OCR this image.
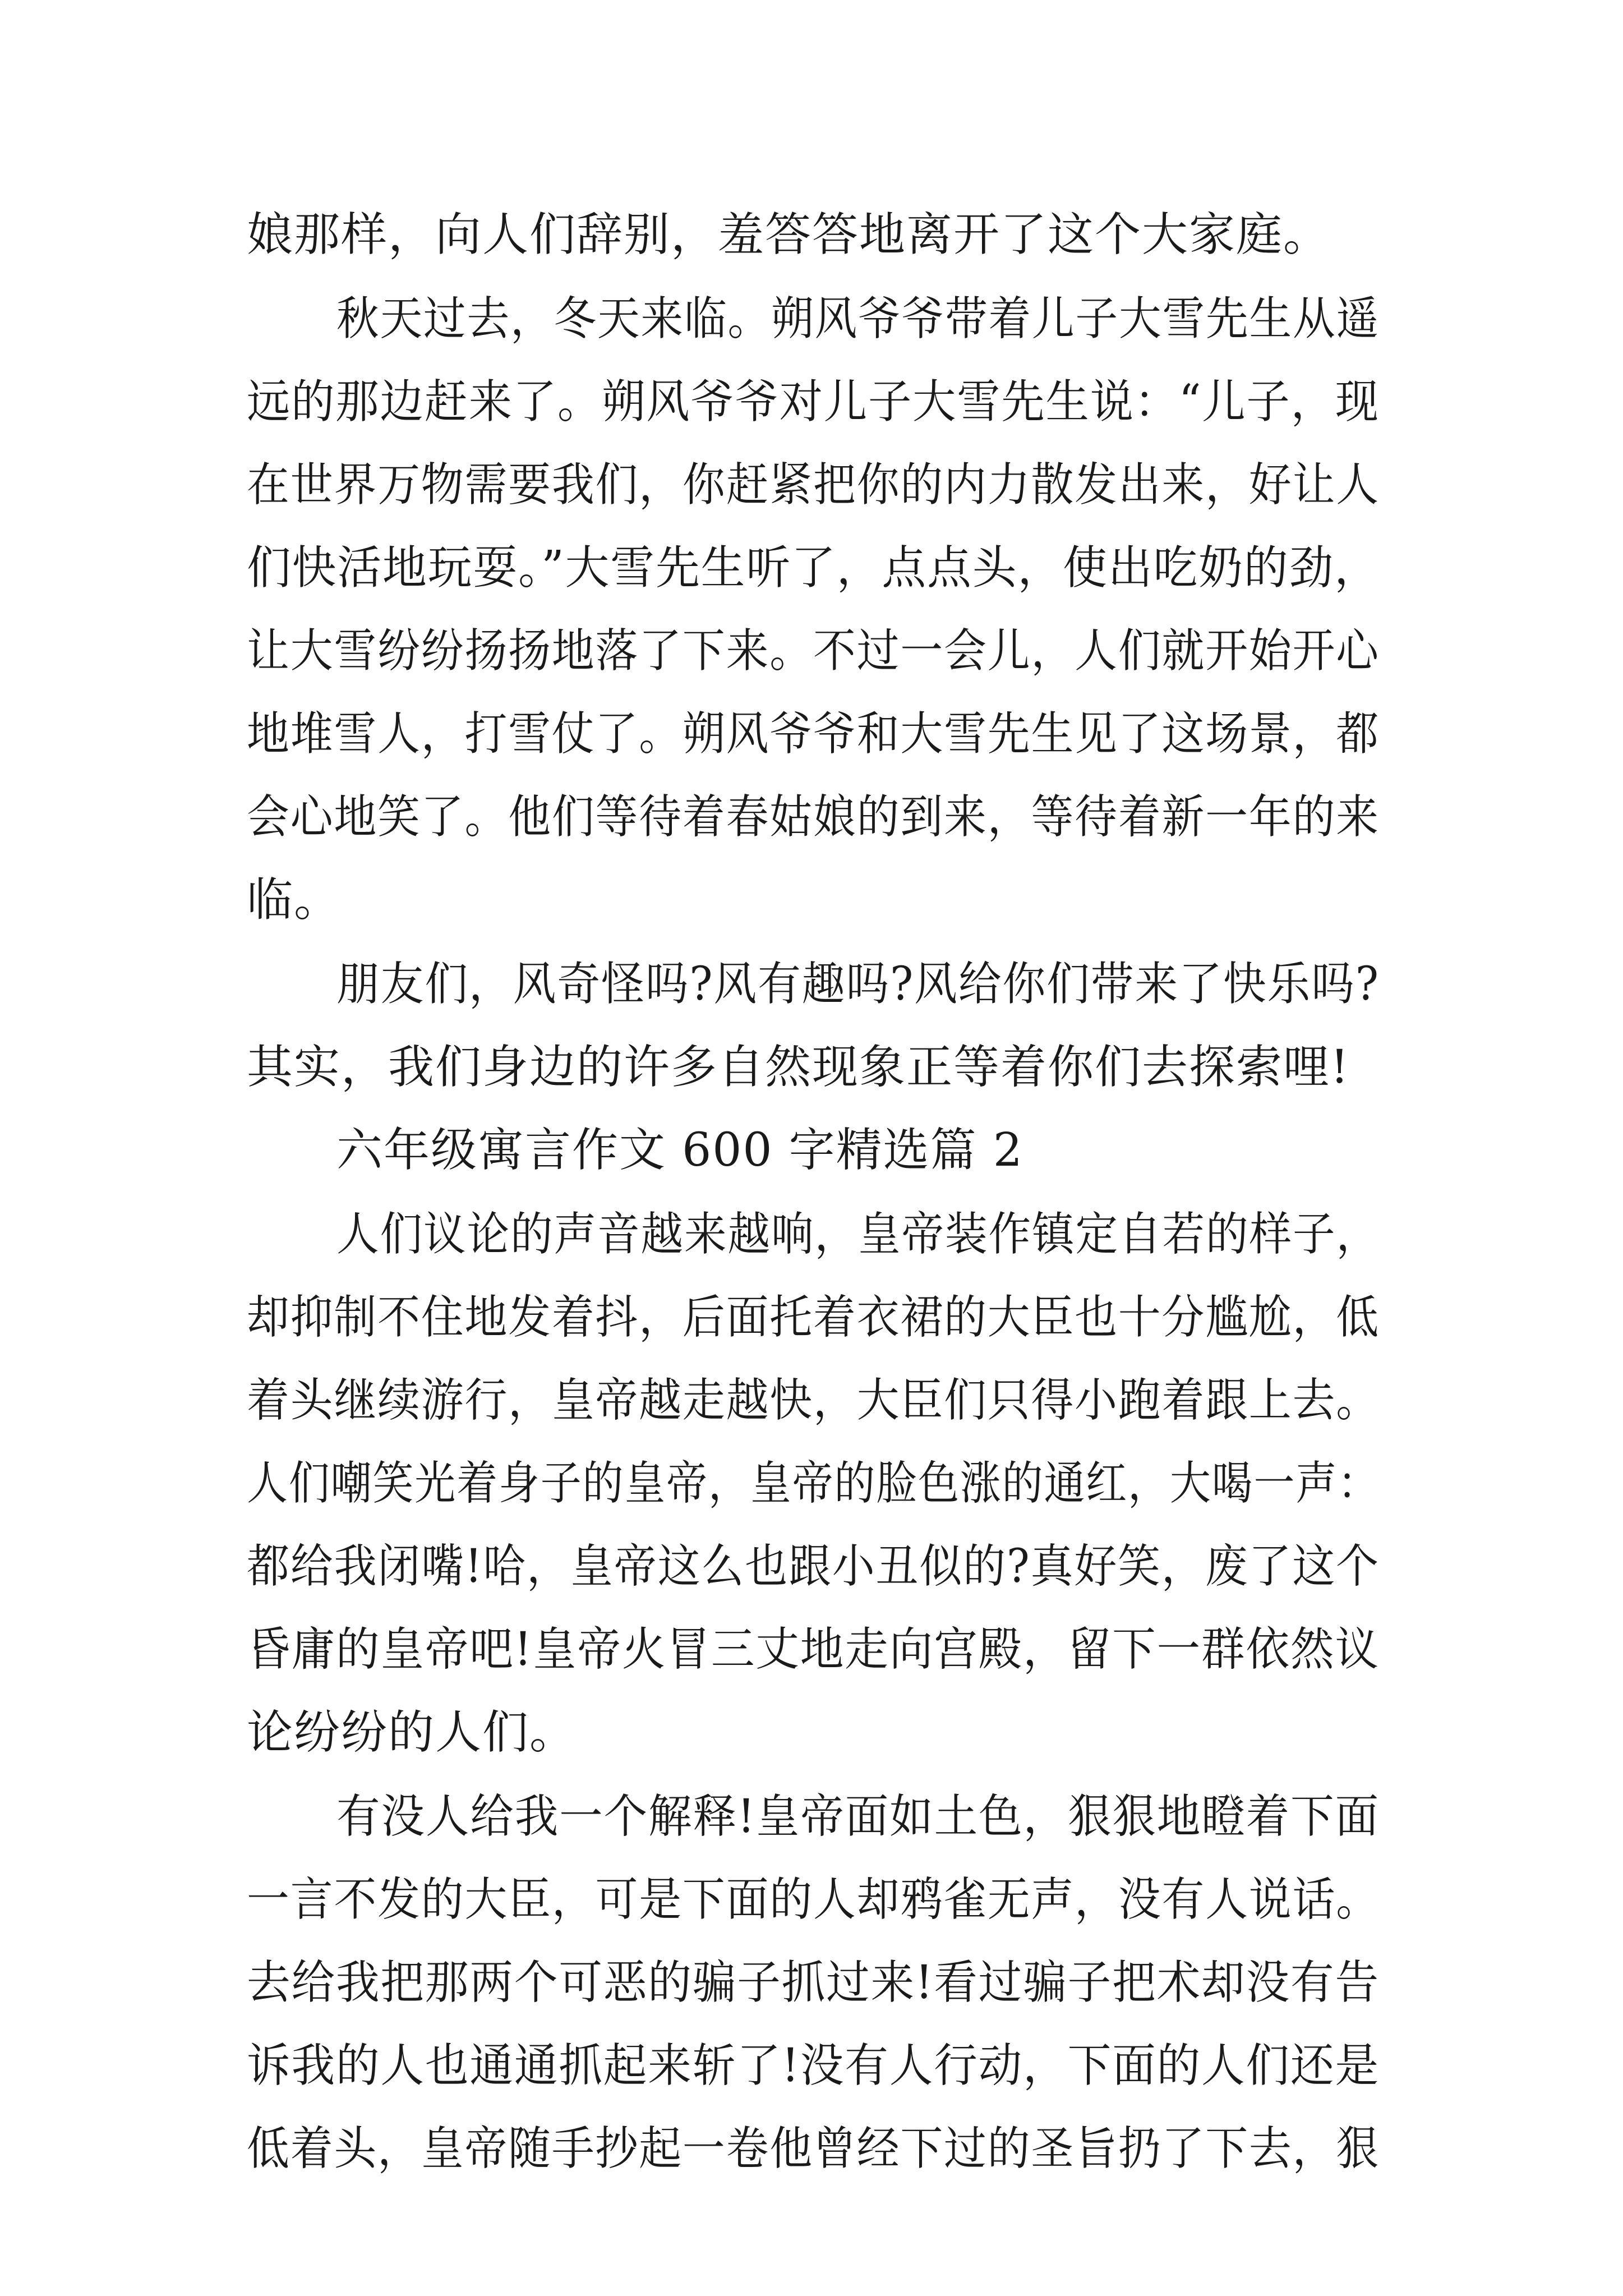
娘那样，向人们辞别，羞答答地离开了这个大家庭。
秋天过去，冬天来临。朔风爷爷带着儿子大雪先生从遥
远的那边赶来了。朔风爷爷对儿子大雪先生说：“儿子，现
在世界万物需要我们，你赶紧把你的内力散发出来，好让人
们快活地玩耍。”大雪先生听了，点点头，使出吃奶的劲，
让大雪纷纷扬扬地落了下来。不过一会儿，人们就开始开心
地堆雪人，打雪仗了。朔风爷爷和大雪先生见了这场景，都
会心地笑了。他们等待着春姑娘的到来，等待着新一年的来
临。
朋友们，风奇怪吗?风有趣吗?风给你们带来了快乐吗?
其实，我们身边的许多自然现象正等着你们去探索哩!
六年级寓言作文 600 字精选篇 2
人们议论的声音越来越响，皇帝装作镇定自若的样子，
却抑制不住地发着抖，后面托着衣裙的大臣也十分尴尬，低
着头继续游行，皇帝越走越快，大臣们只得小跑着跟上去。
人们嘲笑光着身子的皇帝，皇帝的脸色涨的通红，大喝一声：
都给我闭嘴!哈，皇帝这么也跟小丑似的?真好笑，废了这个
昏庸的皇帝吧!皇帝火冒三丈地走向宫殿，留下一群依然议
论纷纷的人们。
有没人给我一个解释!皇帝面如土色，狠狠地瞪着下面
一言不发的大臣，可是下面的人却鸦雀无声，没有人说话。
去给我把那两个可恶的骗子抓过来!看过骗子把术却没有告
诉我的人也通通抓起来斩了!没有人行动，下面的人们还是
低着头，皇帝随手抄起一卷他曾经下过的圣旨扔了下去，狠
